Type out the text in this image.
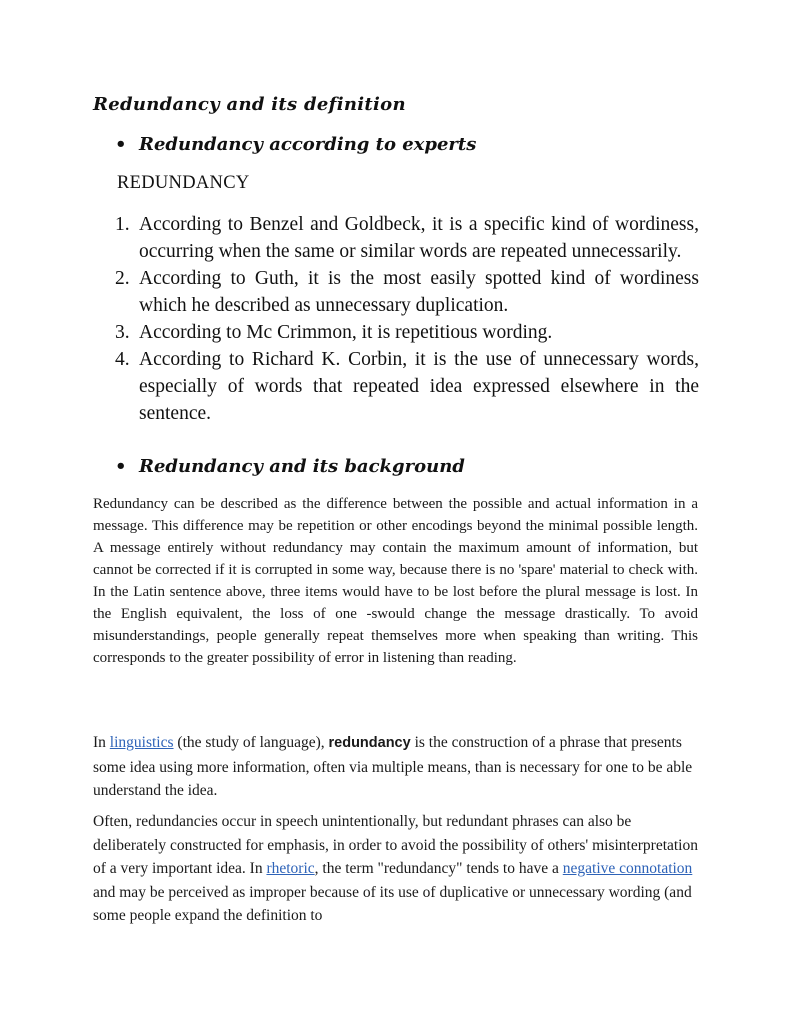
Redundancy and its definition
• Redundancy according to experts
REDUNDANCY
1. According to Benzel and Goldbeck, it is a specific kind of wordiness, occurring when the same or similar words are repeated unnecessarily.
2. According to Guth, it is the most easily spotted kind of wordiness which he described as unnecessary duplication.
3. According to Mc Crimmon, it is repetitious wording.
4. According to Richard K. Corbin, it is the use of unnecessary words, especially of words that repeated idea expressed elsewhere in the sentence.
• Redundancy and its background

Redundancy can be described as the difference between the possible and actual information in a message. This difference may be repetition or other encodings beyond the minimal possible length. A message entirely without redundancy may contain the maximum amount of information, but cannot be corrected if it is corrupted in some way, because there is no 'spare' material to check with. In the Latin sentence above, three items would have to be lost before the plural message is lost. In the English equivalent, the loss of one -swould change the message drastically. To avoid misunderstandings, people generally repeat themselves more when speaking than writing. This corresponds to the greater possibility of error in listening than reading.

In linguistics (the study of language), redundancy is the construction of a phrase that presents some idea using more information, often via multiple means, than is necessary for one to be able understand the idea.

Often, redundancies occur in speech unintentionally, but redundant phrases can also be deliberately constructed for emphasis, in order to avoid the possibility of others' misinterpretation of a very important idea. In rhetoric, the term "redundancy" tends to have a negative connotation and may be perceived as improper because of its use of duplicative or unnecessary wording (and some people expand the definition to
